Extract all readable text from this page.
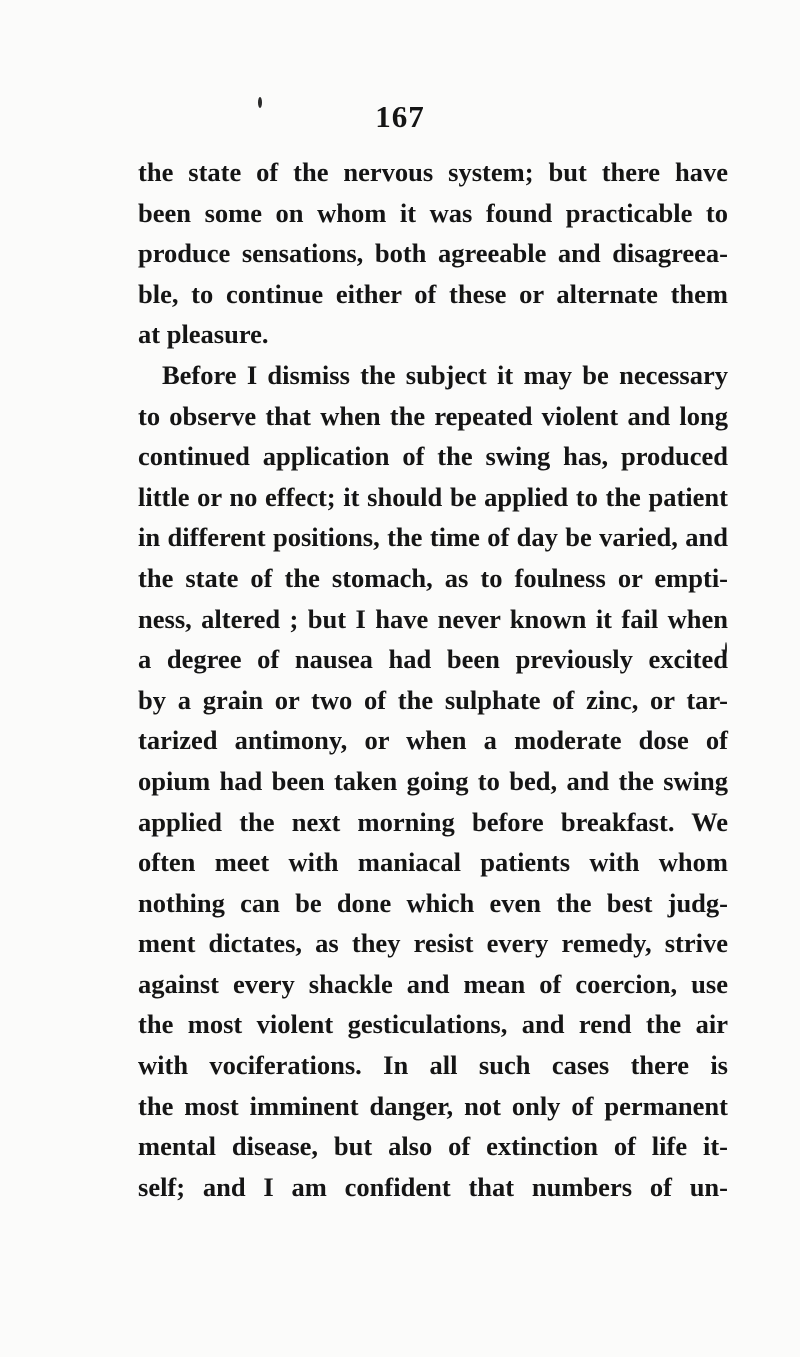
167
the state of the nervous system; but there have
been some on whom it was found practicable to
produce sensations, both agreeable and disagreea-
ble, to continue either of these or alternate them
at pleasure.
Before I dismiss the subject it may be necessary
to observe that when the repeated violent and long
continued application of the swing has, produced
little or no effect; it should be applied to the patient
in different positions, the time of day be varied, and
the state of the stomach, as to foulness or empti-
ness, altered ; but I have never known it fail when
a degree of nausea had been previously excited
by a grain or two of the sulphate of zinc, or tar-
tarized antimony, or when a moderate dose of
opium had been taken going to bed, and the swing
applied the next morning before breakfast. We
often meet with maniacal patients with whom
nothing can be done which even the best judg-
ment dictates, as they resist every remedy, strive
against every shackle and mean of coercion, use
the most violent gesticulations, and rend the air
with vociferations. In all such cases there is
the most imminent danger, not only of permanent
mental disease, but also of extinction of life it-
self; and I am confident that numbers of un-
